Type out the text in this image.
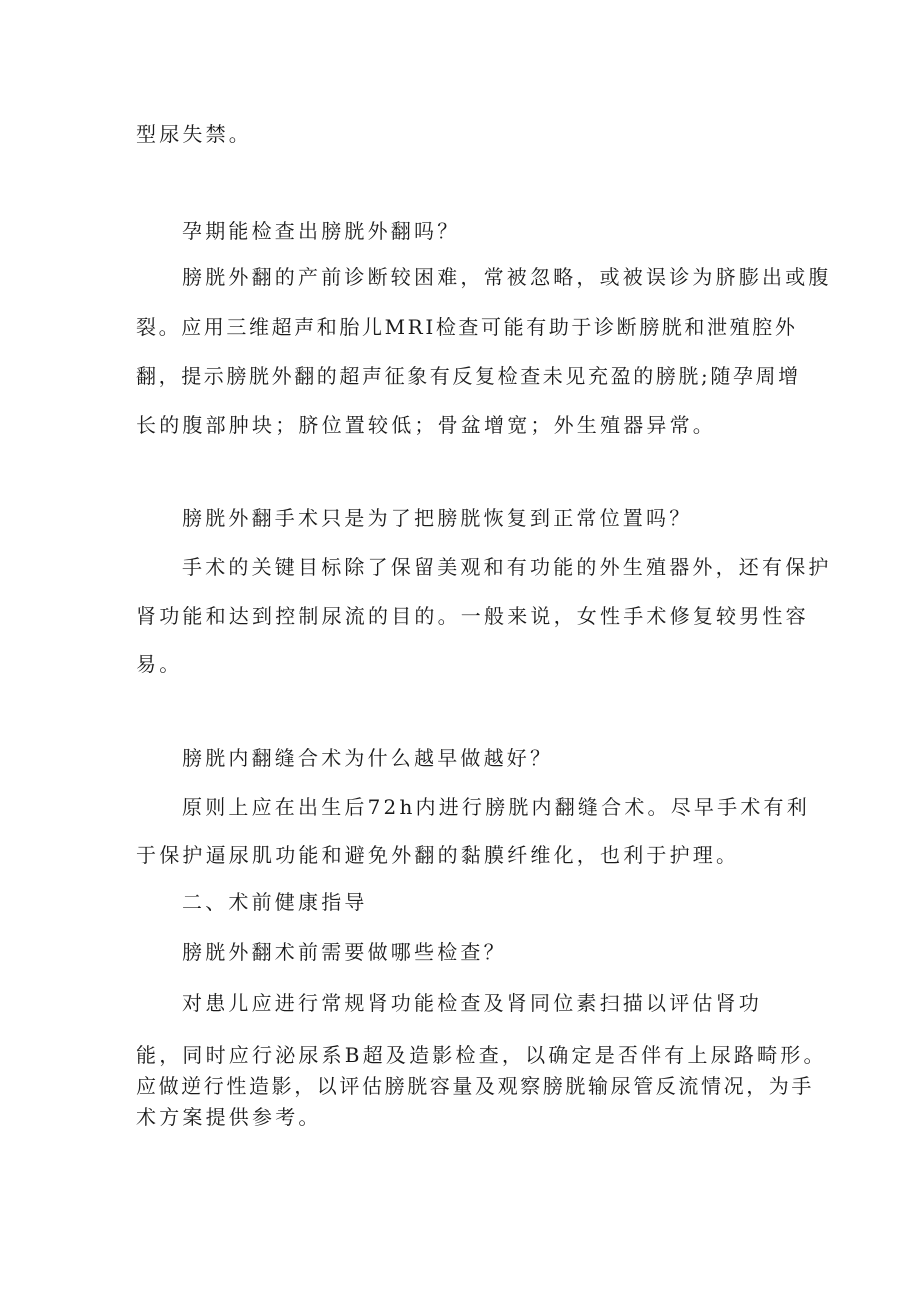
型尿失禁。
孕期能检查出膀胱外翻吗？
膀胱外翻的产前诊断较困难，常被忽略，或被误诊为脐膨出或腹
裂。应用三维超声和胎儿MRI检查可能有助于诊断膀胱和泄殖腔外
翻，提示膀胱外翻的超声征象有反复检查未见充盈的膀胱;随孕周增
长的腹部肿块；脐位置较低；骨盆增宽；外生殖器异常。
膀胱外翻手术只是为了把膀胱恢复到正常位置吗？
手术的关键目标除了保留美观和有功能的外生殖器外，还有保护
肾功能和达到控制尿流的目的。一般来说，女性手术修复较男性容
易。
膀胱内翻缝合术为什么越早做越好？
原则上应在出生后72h内进行膀胱内翻缝合术。尽早手术有利
于保护逼尿肌功能和避免外翻的黏膜纤维化，也利于护理。
二、术前健康指导
膀胱外翻术前需要做哪些检查？
对患儿应进行常规肾功能检查及肾同位素扫描以评估肾功
能，同时应行泌尿系B超及造影检查，以确定是否伴有上尿路畸形。
应做逆行性造影，以评估膀胱容量及观察膀胱输尿管反流情况，为手
术方案提供参考。
